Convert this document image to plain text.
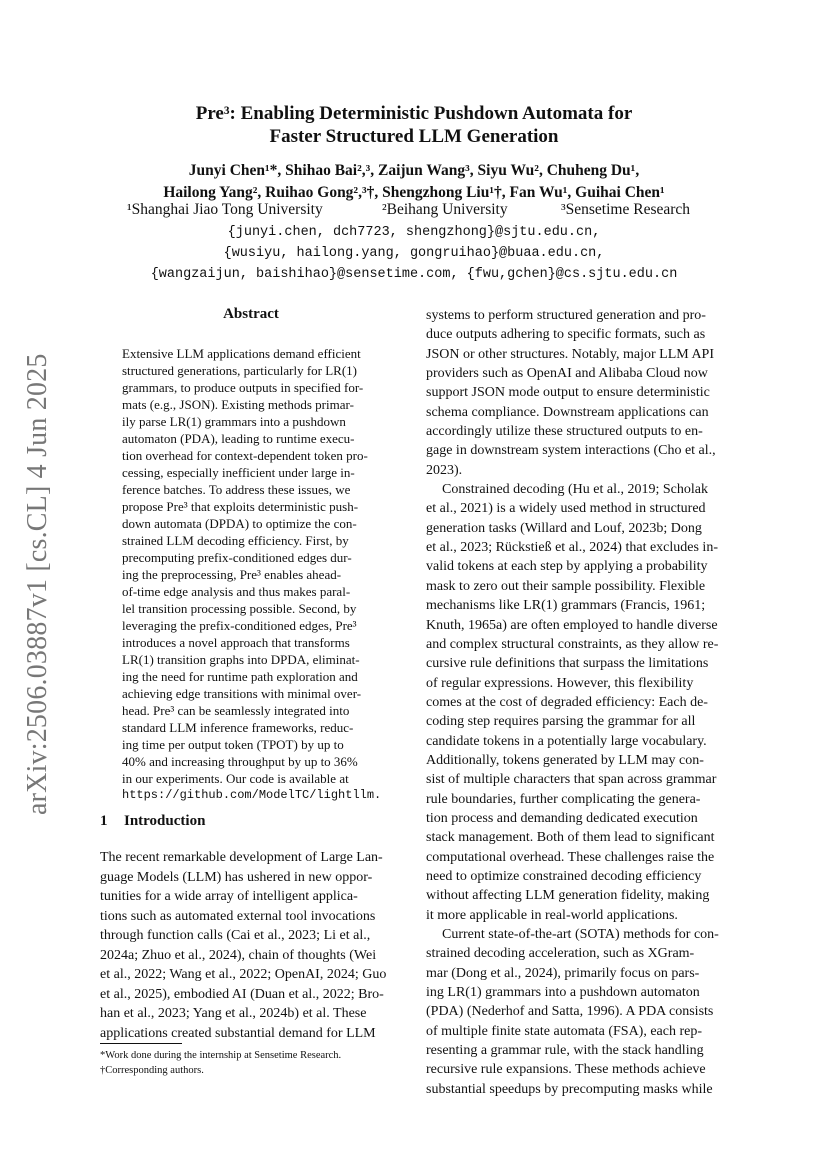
arXiv:2506.03887v1 [cs.CL] 4 Jun 2025
Pre³: Enabling Deterministic Pushdown Automata for
Faster Structured LLM Generation
Junyi Chen¹*, Shihao Bai²,³, Zaijun Wang³, Siyu Wu², Chuheng Du¹,
Hailong Yang², Ruihao Gong²,³†, Shengzhong Liu¹†, Fan Wu¹, Guihai Chen¹
¹Shanghai Jiao Tong University	²Beihang University	³Sensetime Research
{junyi.chen, dch7723, shengzhong}@sjtu.edu.cn,
{wusiyu, hailong.yang, gongruihao}@buaa.edu.cn,
{wangzaijun, baishihao}@sensetime.com, {fwu,gchen}@cs.sjtu.edu.cn
Abstract
Extensive LLM applications demand efficient
structured generations, particularly for LR(1)
grammars, to produce outputs in specified for-
mats (e.g., JSON). Existing methods primar-
ily parse LR(1) grammars into a pushdown
automaton (PDA), leading to runtime execu-
tion overhead for context-dependent token pro-
cessing, especially inefficient under large in-
ference batches. To address these issues, we
propose Pre³ that exploits deterministic push-
down automata (DPDA) to optimize the con-
strained LLM decoding efficiency. First, by
precomputing prefix-conditioned edges dur-
ing the preprocessing, Pre³ enables ahead-
of-time edge analysis and thus makes paral-
lel transition processing possible. Second, by
leveraging the prefix-conditioned edges, Pre³
introduces a novel approach that transforms
LR(1) transition graphs into DPDA, eliminat-
ing the need for runtime path exploration and
achieving edge transitions with minimal over-
head. Pre³ can be seamlessly integrated into
standard LLM inference frameworks, reduc-
ing time per output token (TPOT) by up to
40% and increasing throughput by up to 36%
in our experiments. Our code is available at
https://github.com/ModelTC/lightllm.
1 Introduction
The recent remarkable development of Large Lan-
guage Models (LLM) has ushered in new oppor-
tunities for a wide array of intelligent applica-
tions such as automated external tool invocations
through function calls (Cai et al., 2023; Li et al.,
2024a; Zhuo et al., 2024), chain of thoughts (Wei
et al., 2022; Wang et al., 2022; OpenAI, 2024; Guo
et al., 2025), embodied AI (Duan et al., 2022; Bro-
han et al., 2023; Yang et al., 2024b) et al. These
applications created substantial demand for LLM
*Work done during the internship at Sensetime Research.
†Corresponding authors.
systems to perform structured generation and pro-
duce outputs adhering to specific formats, such as
JSON or other structures. Notably, major LLM API
providers such as OpenAI and Alibaba Cloud now
support JSON mode output to ensure deterministic
schema compliance. Downstream applications can
accordingly utilize these structured outputs to en-
gage in downstream system interactions (Cho et al.,
2023).
Constrained decoding (Hu et al., 2019; Scholak
et al., 2021) is a widely used method in structured
generation tasks (Willard and Louf, 2023b; Dong
et al., 2023; Rückstieß et al., 2024) that excludes in-
valid tokens at each step by applying a probability
mask to zero out their sample possibility. Flexible
mechanisms like LR(1) grammars (Francis, 1961;
Knuth, 1965a) are often employed to handle diverse
and complex structural constraints, as they allow re-
cursive rule definitions that surpass the limitations
of regular expressions. However, this flexibility
comes at the cost of degraded efficiency: Each de-
coding step requires parsing the grammar for all
candidate tokens in a potentially large vocabulary.
Additionally, tokens generated by LLM may con-
sist of multiple characters that span across grammar
rule boundaries, further complicating the genera-
tion process and demanding dedicated execution
stack management. Both of them lead to significant
computational overhead. These challenges raise the
need to optimize constrained decoding efficiency
without affecting LLM generation fidelity, making
it more applicable in real-world applications.
Current state-of-the-art (SOTA) methods for con-
strained decoding acceleration, such as XGram-
mar (Dong et al., 2024), primarily focus on pars-
ing LR(1) grammars into a pushdown automaton
(PDA) (Nederhof and Satta, 1996). A PDA consists
of multiple finite state automata (FSA), each rep-
resenting a grammar rule, with the stack handling
recursive rule expansions. These methods achieve
substantial speedups by precomputing masks while
